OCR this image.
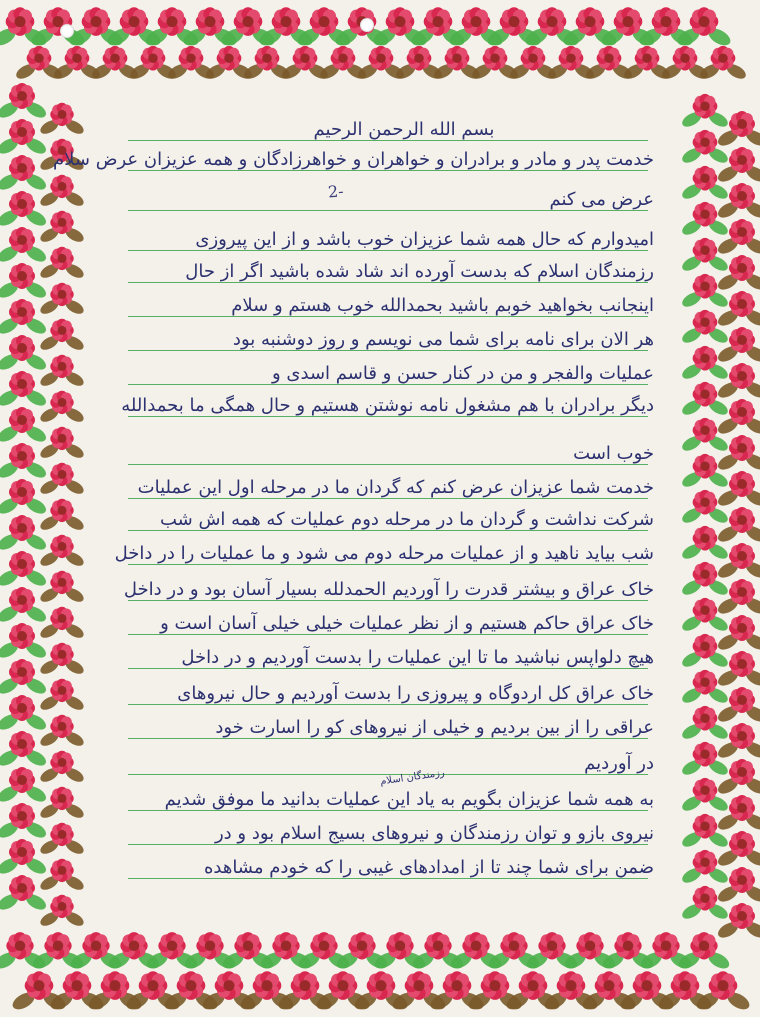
2-
بسم الله الرحمن الرحیم
خدمت پدر و مادر و برادران و خواهران و خواهرزادگان و همه عزیزان عرض سلام
عرض می کنم
امیدوارم که حال همه شما عزیزان خوب باشد و از این پیروزی
رزمندگان اسلام که بدست آورده اند شاد شده باشید اگر از حال
اینجانب بخواهید خوبم باشید بحمدالله خوب هستم و سلام
هر الان برای نامه برای شما می نویسم و روز دوشنبه بود
عملیات والفجر و من در کنار حسن و قاسم اسدی و
دیگر برادران با هم مشغول نامه نوشتن هستیم و حال همگی ما بحمدالله
خوب است
خدمت شما عزیزان عرض کنم که گردان ما در مرحله اول این عملیات
شرکت نداشت و گردان ما در مرحله دوم عملیات که همه اش شب
شب بیاید ناهید و از عملیات مرحله دوم می شود و ما عملیات را در داخل
خاک عراق و بیشتر قدرت را آوردیم الحمدلله بسیار آسان بود و در داخل
خاک عراق حاکم هستیم و از نظر عملیات خیلی خیلی آسان است و
هیچ دلواپس نباشید ما تا این عملیات را بدست آوردیم و در داخل
خاک عراق کل اردوگاه و پیروزی را بدست آوردیم و حال نیروهای
عراقی را از بین بردیم و خیلی از نیروهای کو را اسارت خود
در آوردیم
به همه شما عزیزان بگویم به یاد این عملیات بدانید ما موفق شدیم
نیروی بازو و توان رزمندگان و نیروهای بسیج اسلام بود و در
ضمن برای شما چند تا از امدادهای غیبی را که خودم مشاهده
رزمندگان اسلام
